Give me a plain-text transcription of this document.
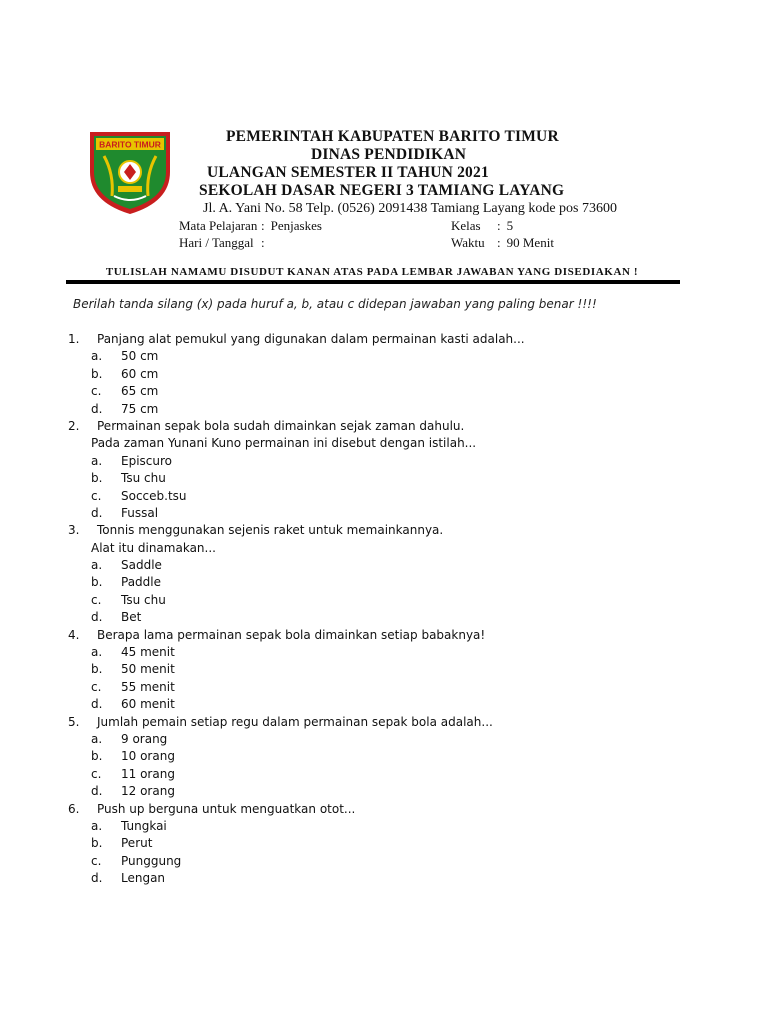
BARITO TIMUR	PEMERINTAH KABUPATEN BARITO TIMUR
DINAS PENDIDIKAN
ULANGAN SEMESTER II TAHUN 2021
SEKOLAH DASAR NEGERI 3 TAMIANG LAYANG
Jl. A. Yani No. 58 Telp. (0526) 2091438 Tamiang Layang kode pos 73600
Mata Pelajaran : Penjaskes
Hari / Tanggal :
Kelas : 5
Waktu : 90 Menit
TULISLAH NAMAMU DISUDUT KANAN ATAS PADA LEMBAR JAWABAN YANG DISEDIAKAN !
Berilah tanda silang (x) pada huruf a, b, atau c didepan jawaban yang paling benar !!!!
1. Panjang alat pemukul yang digunakan dalam permainan kasti adalah...
a. 50 cm
b. 60 cm
c. 65 cm
d. 75 cm
2. Permainan sepak bola sudah dimainkan sejak zaman dahulu.
Pada zaman Yunani Kuno permainan ini disebut dengan istilah...
a. Episcuro
b. Tsu chu
c. Socceb.tsu
d. Fussal
3. Tonnis menggunakan sejenis raket untuk memainkannya.
Alat itu dinamakan...
a. Saddle
b. Paddle
c. Tsu chu
d. Bet
4. Berapa lama permainan sepak bola dimainkan setiap babaknya!
a. 45 menit
b. 50 menit
c. 55 menit
d. 60 menit
5. Jumlah pemain setiap regu dalam permainan sepak bola adalah...
a. 9 orang
b. 10 orang
c. 11 orang
d. 12 orang
6. Push up berguna untuk menguatkan otot...
a. Tungkai
b. Perut
c. Punggung
d. Lengan
